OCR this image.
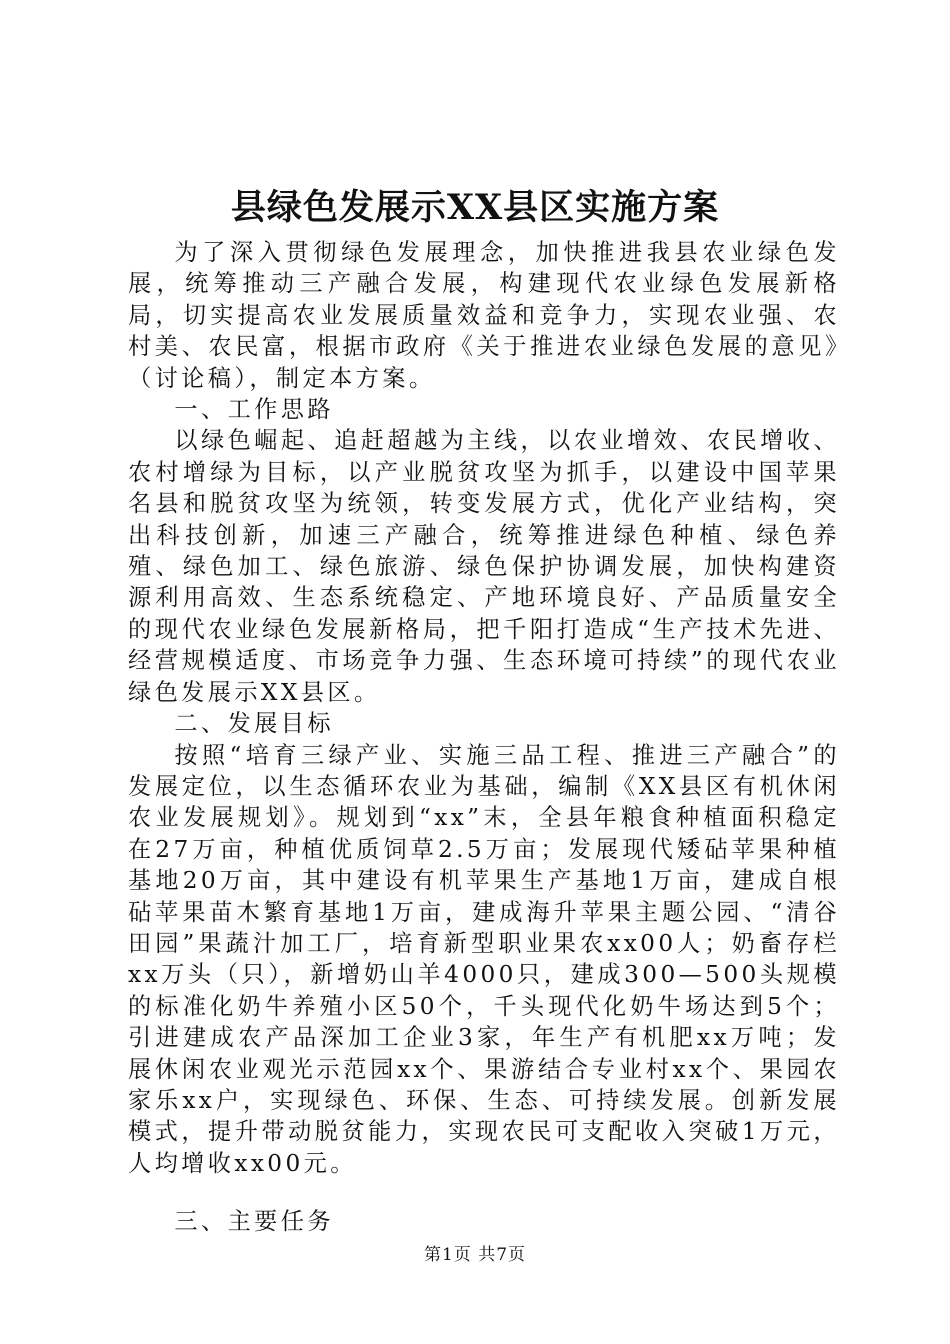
县绿色发展示XX县区实施方案

为了深入贯彻绿色发展理念，加快推进我县农业绿色发展，统筹推动三产融合发展，构建现代农业绿色发展新格局，切实提高农业发展质量效益和竞争力，实现农业强、农村美、农民富，根据市政府《关于推进农业绿色发展的意见》（讨论稿），制定本方案。

一、工作思路

以绿色崛起、追赶超越为主线，以农业增效、农民增收、农村增绿为目标，以产业脱贫攻坚为抓手，以建设中国苹果名县和脱贫攻坚为统领，转变发展方式，优化产业结构，突出科技创新，加速三产融合，统筹推进绿色种植、绿色养殖、绿色加工、绿色旅游、绿色保护协调发展，加快构建资源利用高效、生态系统稳定、产地环境良好、产品质量安全的现代农业绿色发展新格局，把千阳打造成“生产技术先进、经营规模适度、市场竞争力强、生态环境可持续”的现代农业绿色发展示XX县区。

二、发展目标

按照“培育三绿产业、实施三品工程、推进三产融合”的发展定位，以生态循环农业为基础，编制《XX县区有机休闲农业发展规划》。规划到“xx”末，全县年粮食种植面积稳定在27万亩，种植优质饲草2.5万亩；发展现代矮砧苹果种植基地20万亩，其中建设有机苹果生产基地1万亩，建成自根砧苹果苗木繁育基地1万亩，建成海升苹果主题公园、“清谷田园”果蔬汁加工厂，培育新型职业果农xx00人；奶畜存栏xx万头（只），新增奶山羊4000只，建成300—500头规模的标准化奶牛养殖小区50个，千头现代化奶牛场达到5个；引进建成农产品深加工企业3家，年生产有机肥xx万吨；发展休闲农业观光示范园xx个、果游结合专业村xx个、果园农家乐xx户，实现绿色、环保、生态、可持续发展。创新发展模式，提升带动脱贫能力，实现农民可支配收入突破1万元，人均增收xx00元。

三、主要任务

第1页 共7页
